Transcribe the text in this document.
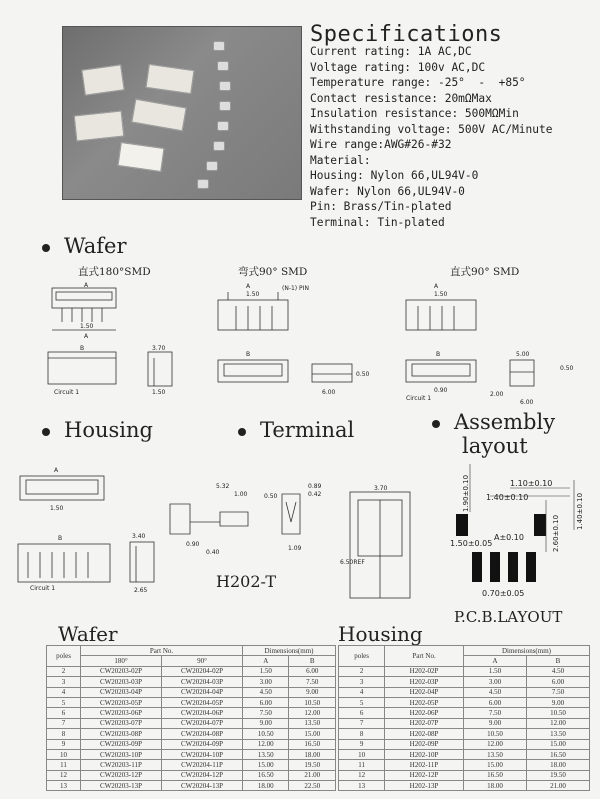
Specifications
Current rating: 1A AC,DC
Voltage rating: 100v AC,DC
Temperature range: -25°  -  +85°
Contact resistance: 20mΩMax
Insulation resistance: 500MΩMin
Withstanding voltage: 500V AC/Minute
Wire range:AWG#26-#32
Material:
Housing: Nylon 66,UL94V-0
Wafer: Nylon 66,UL94V-0
Pin: Brass/Tin-plated
Terminal: Tin-plated
Wafer
Housing	Terminal	Assembly
layout
直式180°SMD	弯式90° SMD	直式90° SMD
A
A
1.50
B
Circuit 1
3.70
1.50
A
1.50
(N-1) PIN
B
0.50
6.00
A
1.50
B
0.90
Circuit 1
5.00
0.50
2.00
6.00
A
1.50
B
Circuit 1
3.40
2.65
5.32
1.00	0.50
0.89
0.42
0.90
0.40
1.09
3.70
6.50REF
H202-T
1.10±0.10
1.40±0.10
1.50±0.05
A±0.10
0.70±0.05
1.90±0.10
2.60±0.10
1.40±0.10
P.C.B.LAYOUT
Wafer	Housing
poles	Part No.		Dimensions(mm)	
	180°	90°	A	B
2	CW20203-02P	CW20204-02P	1.50	6.00
3	CW20203-03P	CW20204-03P	3.00	7.50
4	CW20203-04P	CW20204-04P	4.50	9.00
5	CW20203-05P	CW20204-05P	6.00	10.50
6	CW20203-06P	CW20204-06P	7.50	12.00
7	CW20203-07P	CW20204-07P	9.00	13.50
8	CW20203-08P	CW20204-08P	10.50	15.00
9	CW20203-09P	CW20204-09P	12.00	16.50
10	CW20203-10P	CW20204-10P	13.50	18.00
11	CW20203-11P	CW20204-11P	15.00	19.50
12	CW20203-12P	CW20204-12P	16.50	21.00
13	CW20203-13P	CW20204-13P	18.00	22.50
poles	Part No.	Dimensions(mm)	
		A	B
2	H202-02P	1.50	4.50
3	H202-03P	3.00	6.00
4	H202-04P	4.50	7.50
5	H202-05P	6.00	9.00
6	H202-06P	7.50	10.50
7	H202-07P	9.00	12.00
8	H202-08P	10.50	13.50
9	H202-09P	12.00	15.00
10	H202-10P	13.50	16.50
11	H202-11P	15.00	18.00
12	H202-12P	16.50	19.50
13	H202-13P	18.00	21.00
